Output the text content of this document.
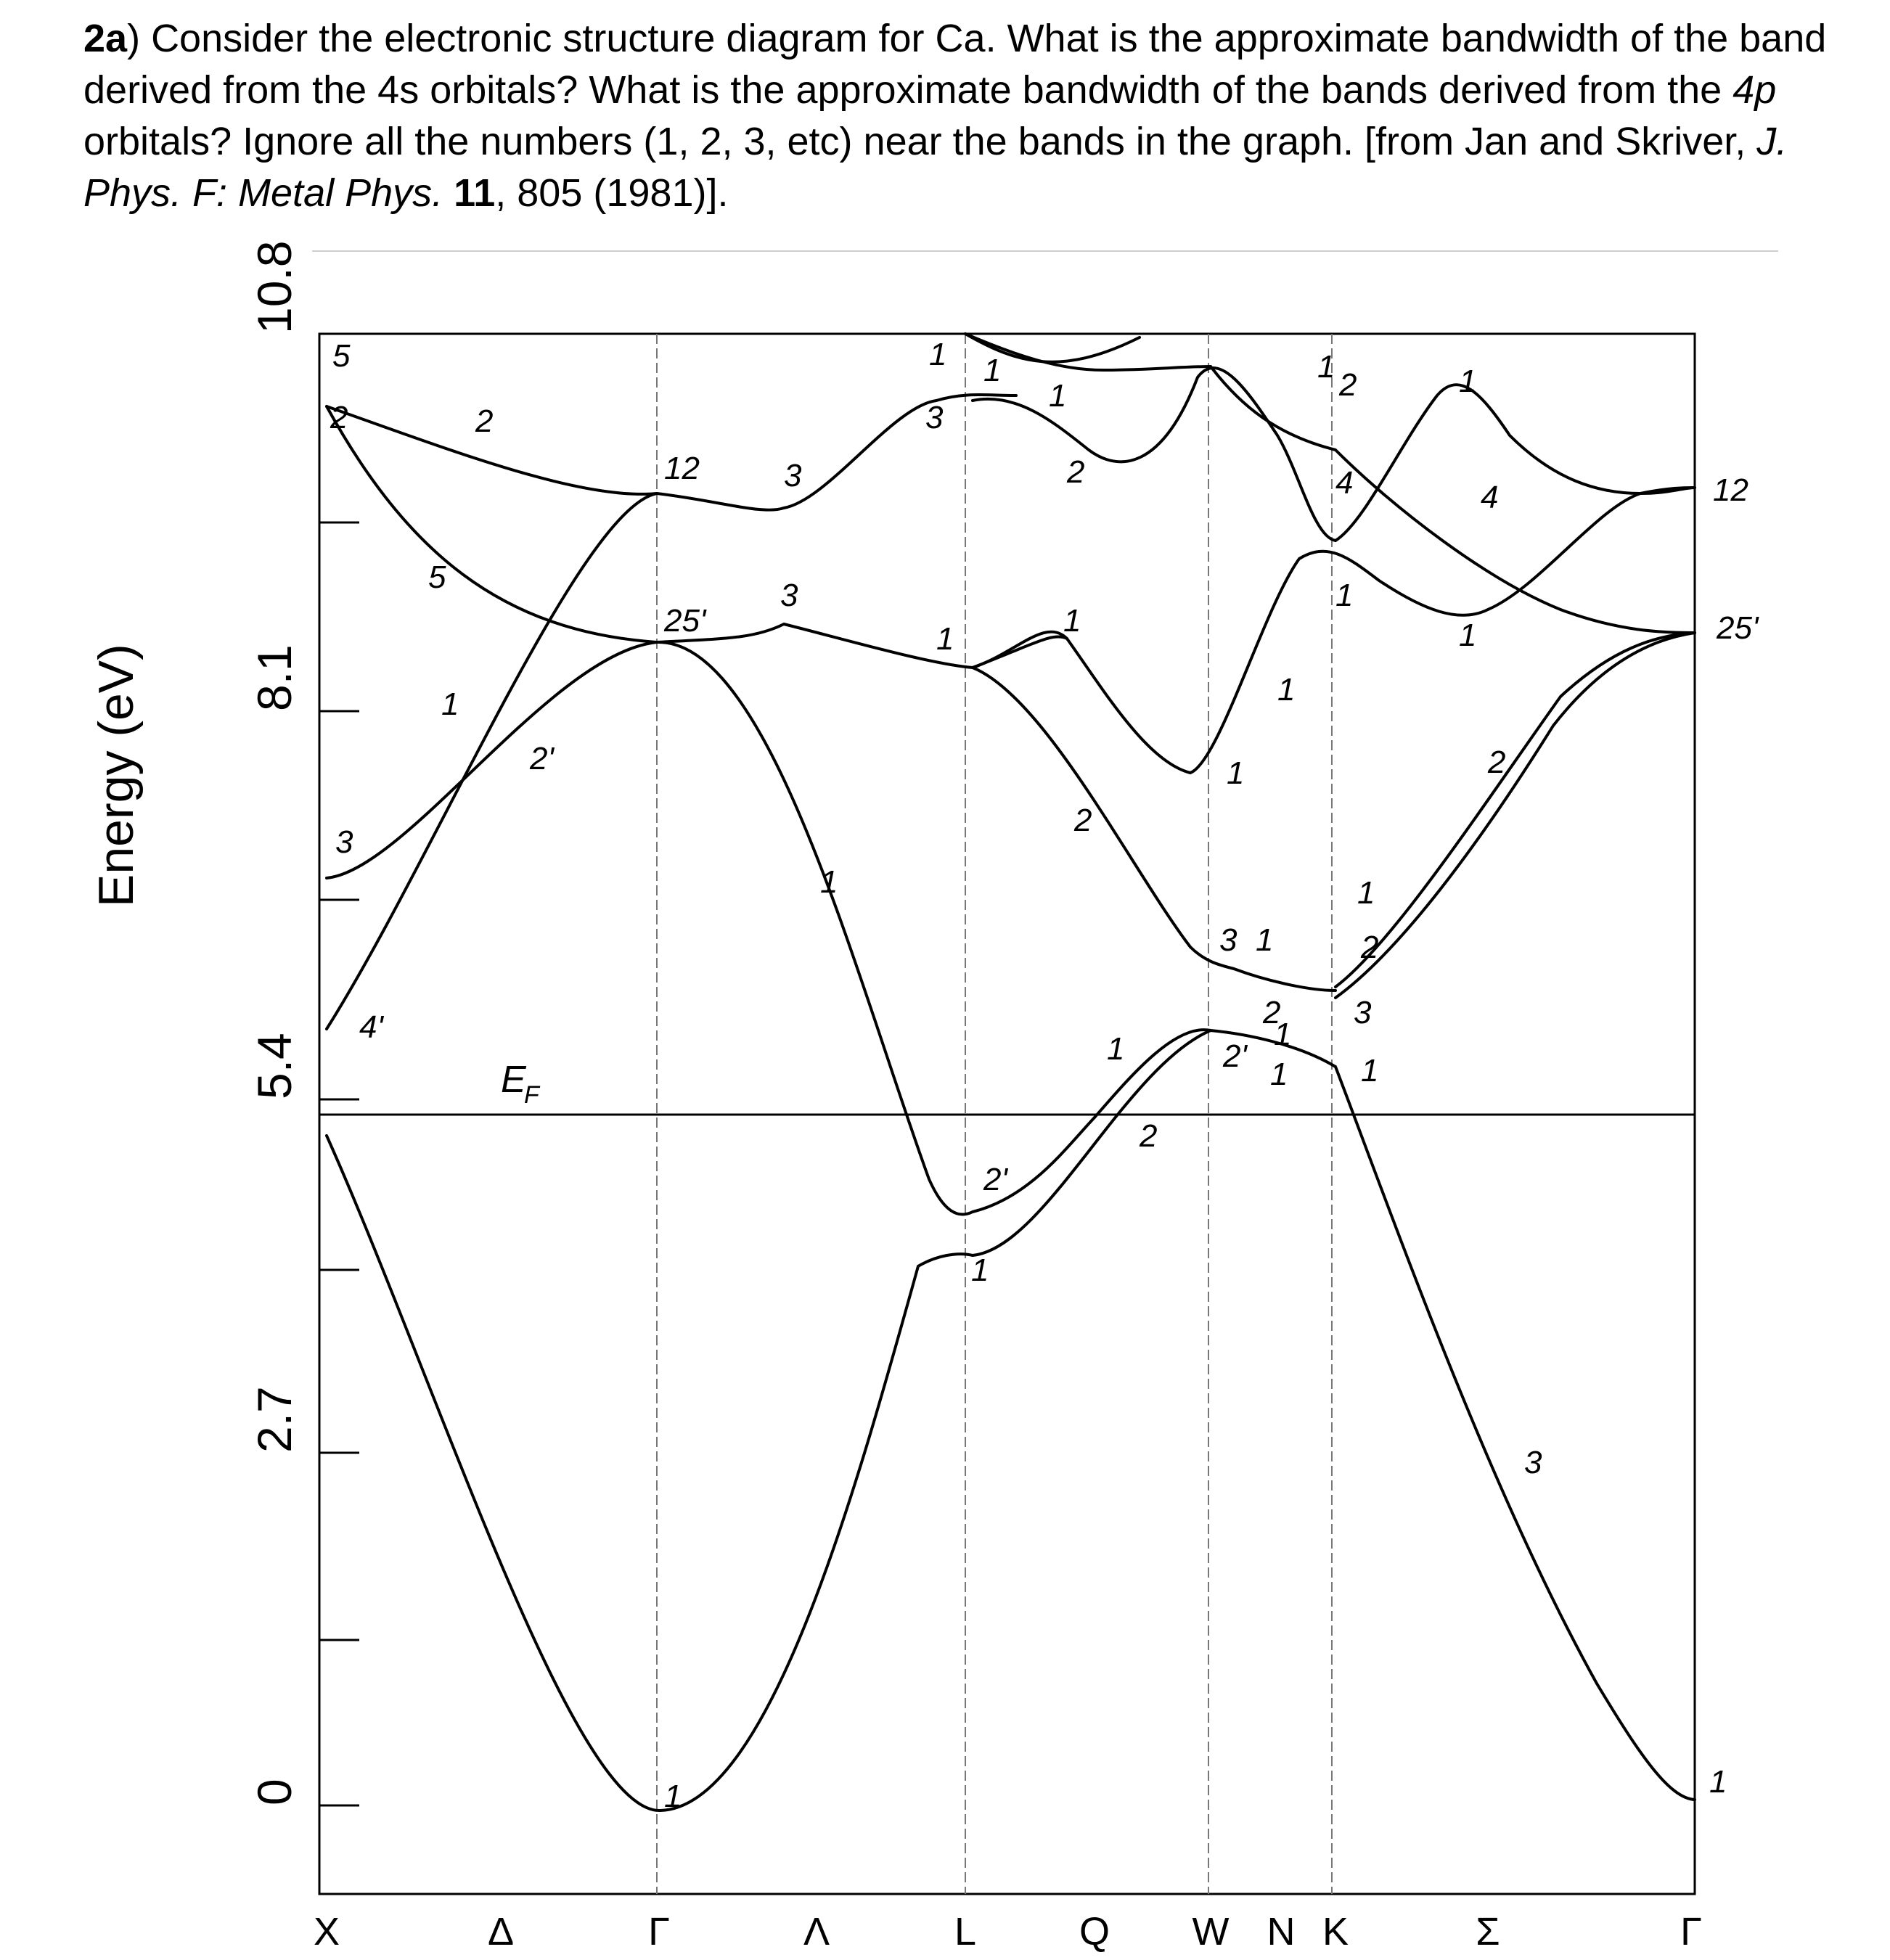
2a) Consider the electronic structure diagram for Ca. What is the approximate bandwidth of the band derived from the 4s orbitals? What is the approximate bandwidth of the bands derived from the 4p orbitals? Ignore all the numbers (1, 2, 3, etc) near the bands in the graph. [from Jan and Skriver, J. Phys. F: Metal Phys. 11, 805 (1981)].
Energy (eV)
0
2.7
5.4
8.1
10.8
5
2	2
5
1
2'
3
4'
1
12	3
25'
3
1
1
3
1
1
2
1
1
2'
1
2
1
2
3 1
1
2
1
2'	1
2
3
1
1
2
4
1
1
1	2
4
1
3
1
12
25'
1
E
F
X	Δ	Γ	Λ	L	Q W N K	Σ	Γ
